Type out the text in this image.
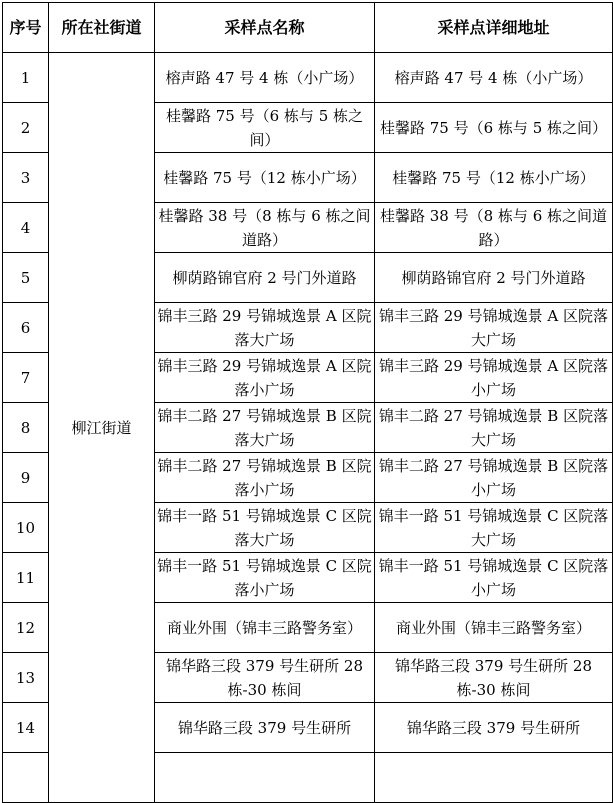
序号	所在社街道	采样点名称	采样点详细地址
1	柳江街道	榕声路 47 号 4 栋（小广场）	榕声路 47 号 4 栋（小广场）
2		桂馨路 75 号（6 栋与 5 栋之间）	桂馨路 75 号（6 栋与 5 栋之间）
3		桂馨路 75 号（12 栋小广场）	桂馨路 75 号（12 栋小广场）
4		桂馨路 38 号（8 栋与 6 栋之间道路）	桂馨路 38 号（8 栋与 6 栋之间道路）
5		柳荫路锦官府 2 号门外道路	柳荫路锦官府 2 号门外道路
6		锦丰三路 29 号锦城逸景 A 区院落大广场	锦丰三路 29 号锦城逸景 A 区院落大广场
7		锦丰三路 29 号锦城逸景 A 区院落小广场	锦丰三路 29 号锦城逸景 A 区院落小广场
8		锦丰二路 27 号锦城逸景 B 区院落大广场	锦丰二路 27 号锦城逸景 B 区院落大广场
9		锦丰二路 27 号锦城逸景 B 区院落小广场	锦丰二路 27 号锦城逸景 B 区院落小广场
10		锦丰一路 51 号锦城逸景 C 区院落大广场	锦丰一路 51 号锦城逸景 C 区院落大广场
11		锦丰一路 51 号锦城逸景 C 区院落小广场	锦丰一路 51 号锦城逸景 C 区院落小广场
12		商业外围（锦丰三路警务室）	商业外围（锦丰三路警务室）
13		锦华路三段 379 号生研所 28 栋-30 栋间	锦华路三段 379 号生研所 28 栋-30 栋间
14		锦华路三段 379 号生研所	锦华路三段 379 号生研所
